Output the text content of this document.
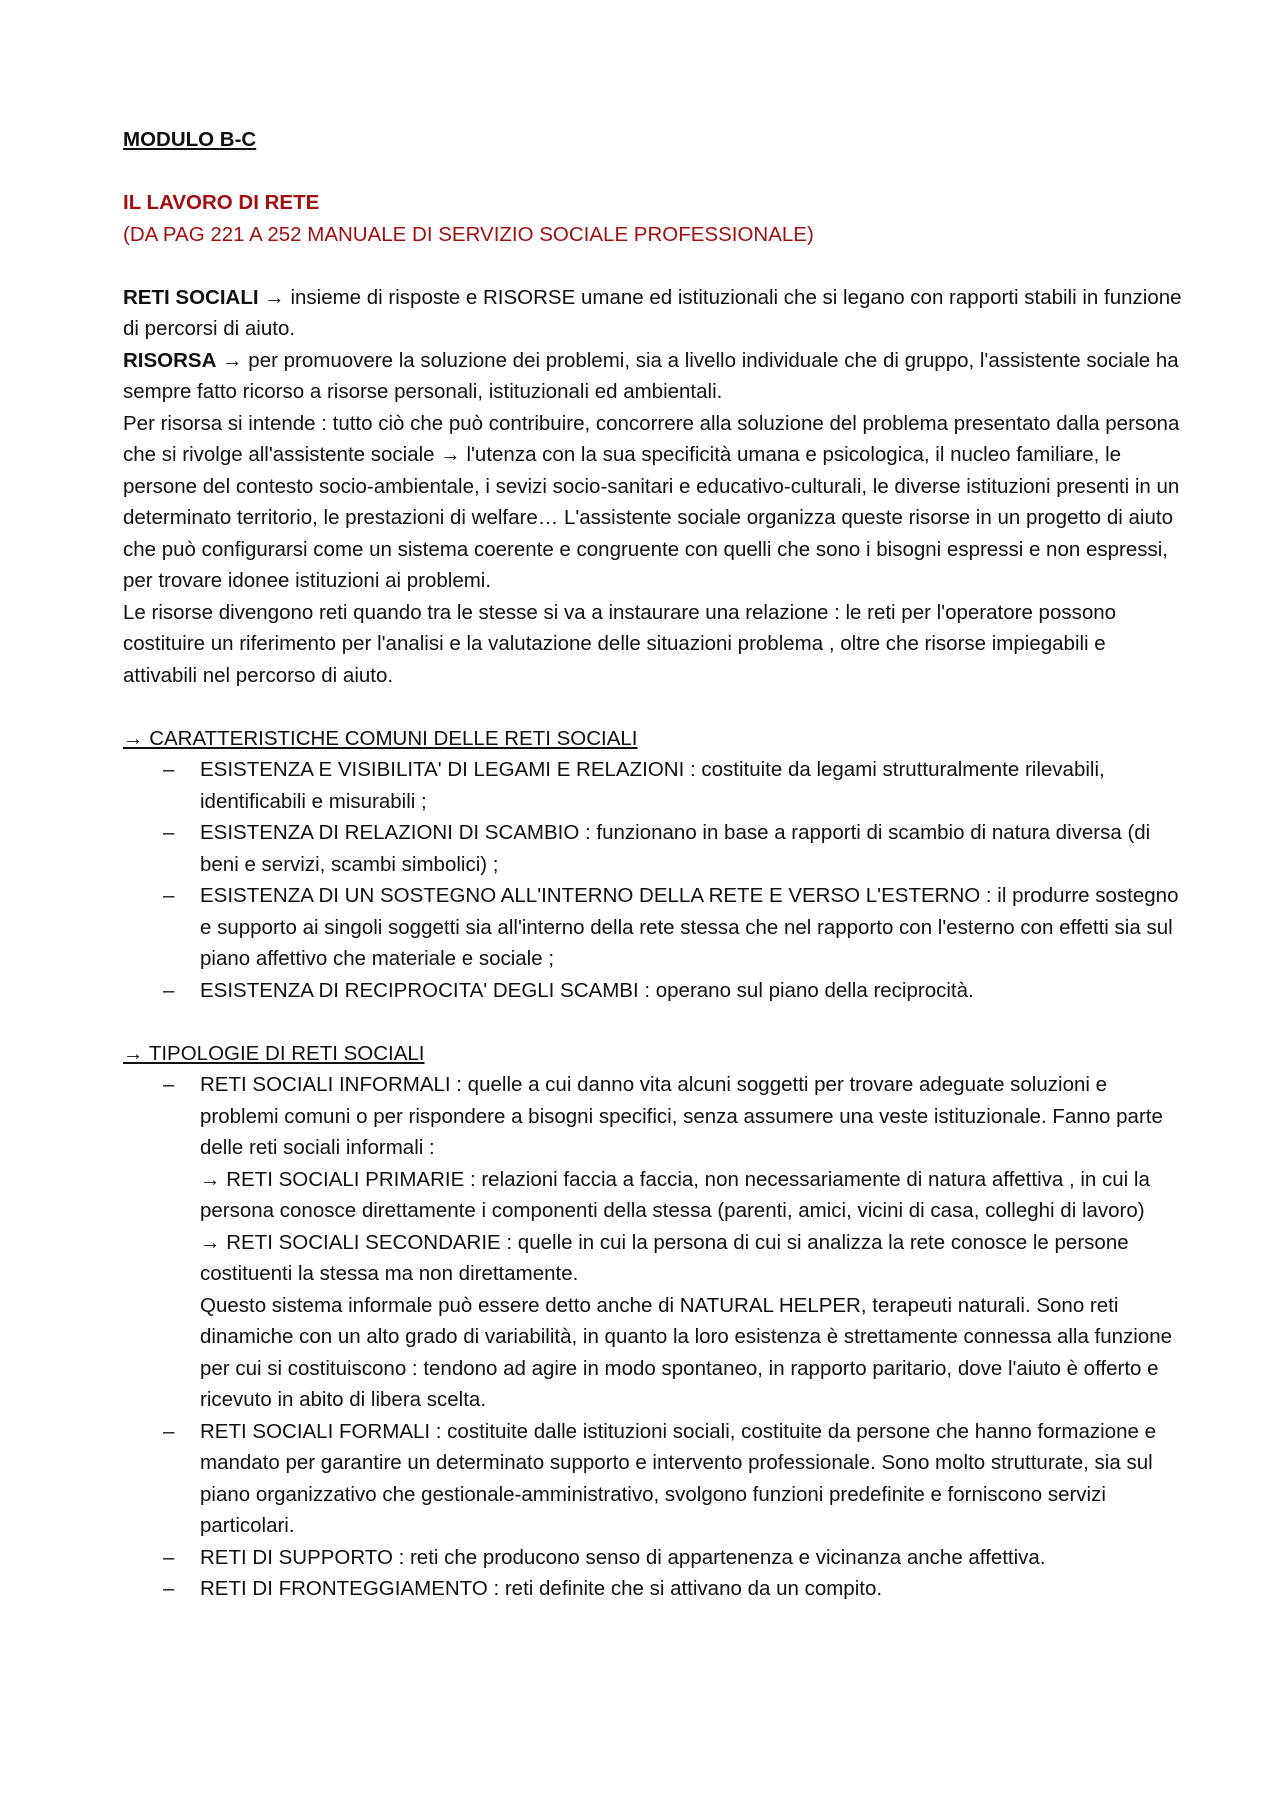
MODULO B-C

IL LAVORO DI RETE

(DA PAG 221 A 252 MANUALE DI SERVIZIO SOCIALE PROFESSIONALE)

RETI SOCIALI → insieme di risposte e RISORSE umane ed istituzionali che si legano con rapporti stabili in funzione di percorsi di aiuto.

RISORSA → per promuovere la soluzione dei problemi, sia a livello individuale che di gruppo, l'assistente sociale ha sempre fatto ricorso a risorse personali, istituzionali ed ambientali.

Per risorsa si intende : tutto ciò che può contribuire, concorrere alla soluzione del problema presentato dalla persona che si rivolge all'assistente sociale → l'utenza con la sua specificità umana e psicologica, il nucleo familiare, le persone del contesto socio-ambientale, i sevizi socio-sanitari e educativo-culturali, le diverse istituzioni presenti in un determinato territorio, le prestazioni di welfare… L'assistente sociale organizza queste risorse in un progetto di aiuto che può configurarsi come un sistema coerente e congruente con quelli che sono i bisogni espressi e non espressi, per trovare idonee istituzioni ai problemi.

Le risorse divengono reti quando tra le stesse si va a instaurare una relazione : le reti per l'operatore possono costituire un riferimento per l'analisi e la valutazione delle situazioni problema , oltre che risorse impiegabili e attivabili nel percorso di aiuto.

→ CARATTERISTICHE COMUNI DELLE RETI SOCIALI

– ESISTENZA E VISIBILITA' DI LEGAMI E RELAZIONI : costituite da legami strutturalmente rilevabili, identificabili e misurabili ;
– ESISTENZA DI RELAZIONI DI SCAMBIO : funzionano in base a rapporti di scambio di natura diversa (di beni e servizi, scambi simbolici) ;
– ESISTENZA DI UN SOSTEGNO ALL'INTERNO DELLA RETE E VERSO L'ESTERNO : il produrre sostegno e supporto ai singoli soggetti sia all'interno della rete stessa che nel rapporto con l'esterno con effetti sia sul piano affettivo che materiale e sociale ;
– ESISTENZA DI RECIPROCITA' DEGLI SCAMBI : operano sul piano della reciprocità.

→ TIPOLOGIE DI RETI SOCIALI

– RETI SOCIALI INFORMALI : quelle a cui danno vita alcuni soggetti per trovare adeguate soluzioni e problemi comuni o per rispondere a bisogni specifici, senza assumere una veste istituzionale. Fanno parte delle reti sociali informali :
→ RETI SOCIALI PRIMARIE : relazioni faccia a faccia, non necessariamente di natura affettiva , in cui la persona conosce direttamente i componenti della stessa (parenti, amici, vicini di casa, colleghi di lavoro)
→ RETI SOCIALI SECONDARIE : quelle in cui la persona di cui si analizza la rete conosce le persone costituenti la stessa ma non direttamente.
Questo sistema informale può essere detto anche di NATURAL HELPER, terapeuti naturali. Sono reti dinamiche con un alto grado di variabilità, in quanto la loro esistenza è strettamente connessa alla funzione per cui si costituiscono : tendono ad agire in modo spontaneo, in rapporto paritario, dove l'aiuto è offerto e ricevuto in abito di libera scelta.
– RETI SOCIALI FORMALI : costituite dalle istituzioni sociali, costituite da persone che hanno formazione e mandato per garantire un determinato supporto e intervento professionale. Sono molto strutturate, sia sul piano organizzativo che gestionale-amministrativo, svolgono funzioni predefinite e forniscono servizi particolari.
– RETI DI SUPPORTO : reti che producono senso di appartenenza e vicinanza anche affettiva.
– RETI DI FRONTEGGIAMENTO : reti definite che si attivano da un compito.
